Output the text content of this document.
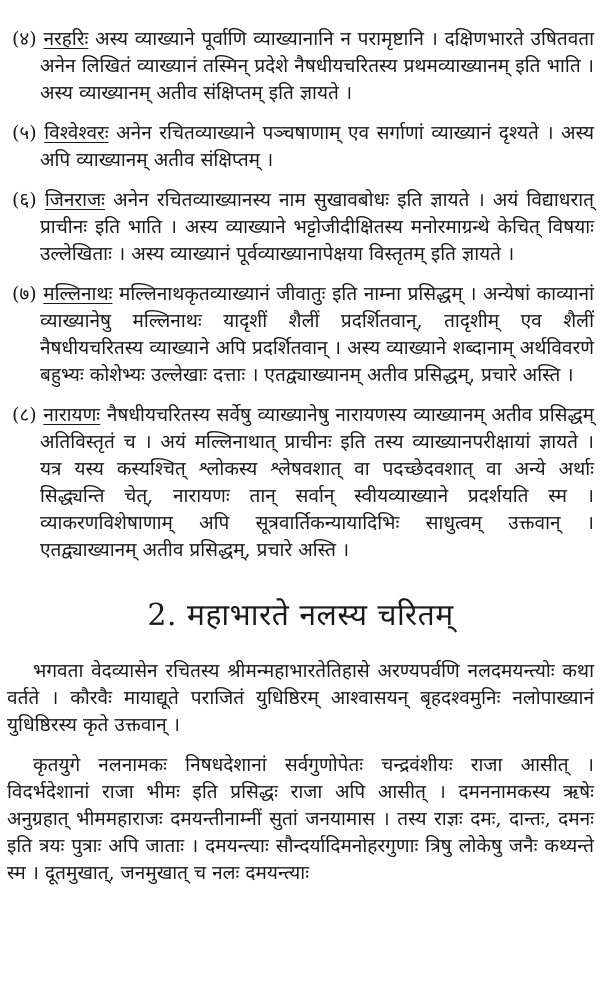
(४) नरहरिः अस्य व्याख्याने पूर्वाणि व्याख्यानानि न परामृष्टानि । दक्षिणभारते उषितवता अनेन लिखितं व्याख्यानं तस्मिन् प्रदेशे नैषधीयचरितस्य प्रथमव्याख्यानम् इति भाति । अस्य व्याख्यानम् अतीव संक्षिप्तम् इति ज्ञायते ।

(५) विश्वेश्वरः अनेन रचितव्याख्याने पञ्चषाणाम् एव सर्गाणां व्याख्यानं दृश्यते । अस्य अपि व्याख्यानम् अतीव संक्षिप्तम् ।

(६) जिनराजः अनेन रचितव्याख्यानस्य नाम सुखावबोधः इति ज्ञायते । अयं विद्याधरात् प्राचीनः इति भाति । अस्य व्याख्याने भट्टोजीदीक्षितस्य मनोरमाग्रन्थे केचित् विषयाः उल्लेखिताः । अस्य व्याख्यानं पूर्वव्याख्यानापेक्षया विस्तृतम् इति ज्ञायते ।

(७) मल्लिनाथः मल्लिनाथकृतव्याख्यानं जीवातुः इति नाम्ना प्रसिद्धम् । अन्येषां काव्यानां व्याख्यानेषु मल्लिनाथः यादृशीं शैलीं प्रदर्शितवान्, तादृशीम् एव शैलीं नैषधीयचरितस्य व्याख्याने अपि प्रदर्शितवान् । अस्य व्याख्याने शब्दानाम् अर्थविवरणे बहुभ्यः कोशेभ्यः उल्लेखाः दत्ताः । एतद्व्याख्यानम् अतीव प्रसिद्धम्, प्रचारे अस्ति ।

(८) नारायणः नैषधीयचरितस्य सर्वेषु व्याख्यानेषु नारायणस्य व्याख्यानम् अतीव प्रसिद्धम् अतिविस्तृतं च । अयं मल्लिनाथात् प्राचीनः इति तस्य व्याख्यानपरीक्षायां ज्ञायते । यत्र यस्य कस्यश्चित् श्लोकस्य श्लेषवशात् वा पदच्छेदवशात् वा अन्ये अर्थाः सिद्ध्यन्ति चेत्, नारायणः तान् सर्वान् स्वीयव्याख्याने प्रदर्शयति स्म । व्याकरणविशेषाणाम् अपि सूत्रवार्तिकन्यायादिभिः साधुत्वम् उक्तवान् । एतद्व्याख्यानम् अतीव प्रसिद्धम्, प्रचारे अस्ति ।

2. महाभारते नलस्य चरितम्

भगवता वेदव्यासेन रचितस्य श्रीमन्महाभारतेतिहासे अरण्यपर्वणि नलदमयन्त्योः कथा वर्तते । कौरवैः मायाद्यूते पराजितं युधिष्ठिरम् आश्वासयन् बृहदश्वमुनिः नलोपाख्यानं युधिष्ठिरस्य कृते उक्तवान् ।

कृतयुगे नलनामकः निषधदेशानां सर्वगुणोपेतः चन्द्रवंशीयः राजा आसीत् । विदर्भदेशानां राजा भीमः इति प्रसिद्धः राजा अपि आसीत् । दमननामकस्य ऋषेः अनुग्रहात् भीममहाराजः दमयन्तीनाम्नीं सुतां जनयामास । तस्य राज्ञः दमः, दान्तः, दमनः इति त्रयः पुत्राः अपि जाताः । दमयन्त्याः सौन्दर्यादिमनोहरगुणाः त्रिषु लोकेषु जनैः कथ्यन्ते स्म । दूतमुखात्, जनमुखात् च नलः दमयन्त्याः
